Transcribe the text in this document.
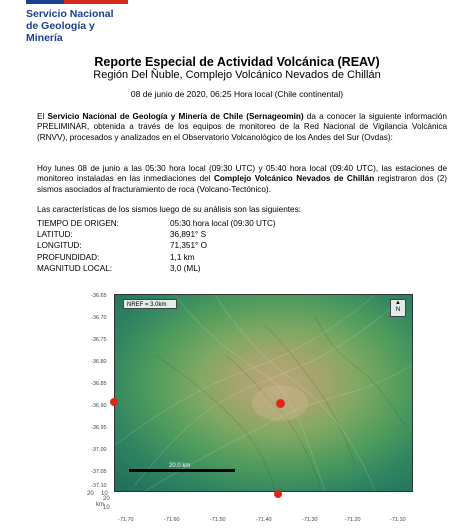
Servicio Nacional
de Geología y
Minería
Reporte Especial de Actividad Volcánica (REAV)
Región Del Ñuble, Complejo Volcánico Nevados de Chillán
08 de junio de 2020, 06:25 Hora local (Chile continental)
El Servicio Nacional de Geología y Minería de Chile (Sernageomin) da a conocer la siguiente información PRELIMINAR, obtenida a través de los equipos de monitoreo de la Red Nacional de Vigilancia Volcánica (RNVV), procesados y analizados en el Observatorio Volcanológico de los Andes del Sur (Ovdas):
Hoy lunes 08 de junio a las 05:30 hora local (09:30 UTC) y 05:40 hora local (09:40 UTC), las estaciones de monitoreo instaladas en las inmediaciones del Complejo Volcánico Nevados de Chillán registraron dos (2) sismos asociados al fracturamiento de roca (Volcano-Tectónico).
Las características de los sismos luego de su análisis son las siguientes:
TIEMPO DE ORIGEN:	05:30 hora local (09:30 UTC)
LATITUD:	36,891° S
LONGITUD:	71,351° O
PROFUNDIDAD:	1,1 km
MAGNITUD LOCAL:	3,0 (ML)
-36.65
-36.70
-36.75
-36.80
-36.85
-36.90
-36.95
-37.00
-37.05
-37.10
NREF = 3.0km	▲
N
20.0 km
20 10
km
20
10
-71.70	-71.60	-71.50	-71.40	-71.30	-71.20	-71.10
